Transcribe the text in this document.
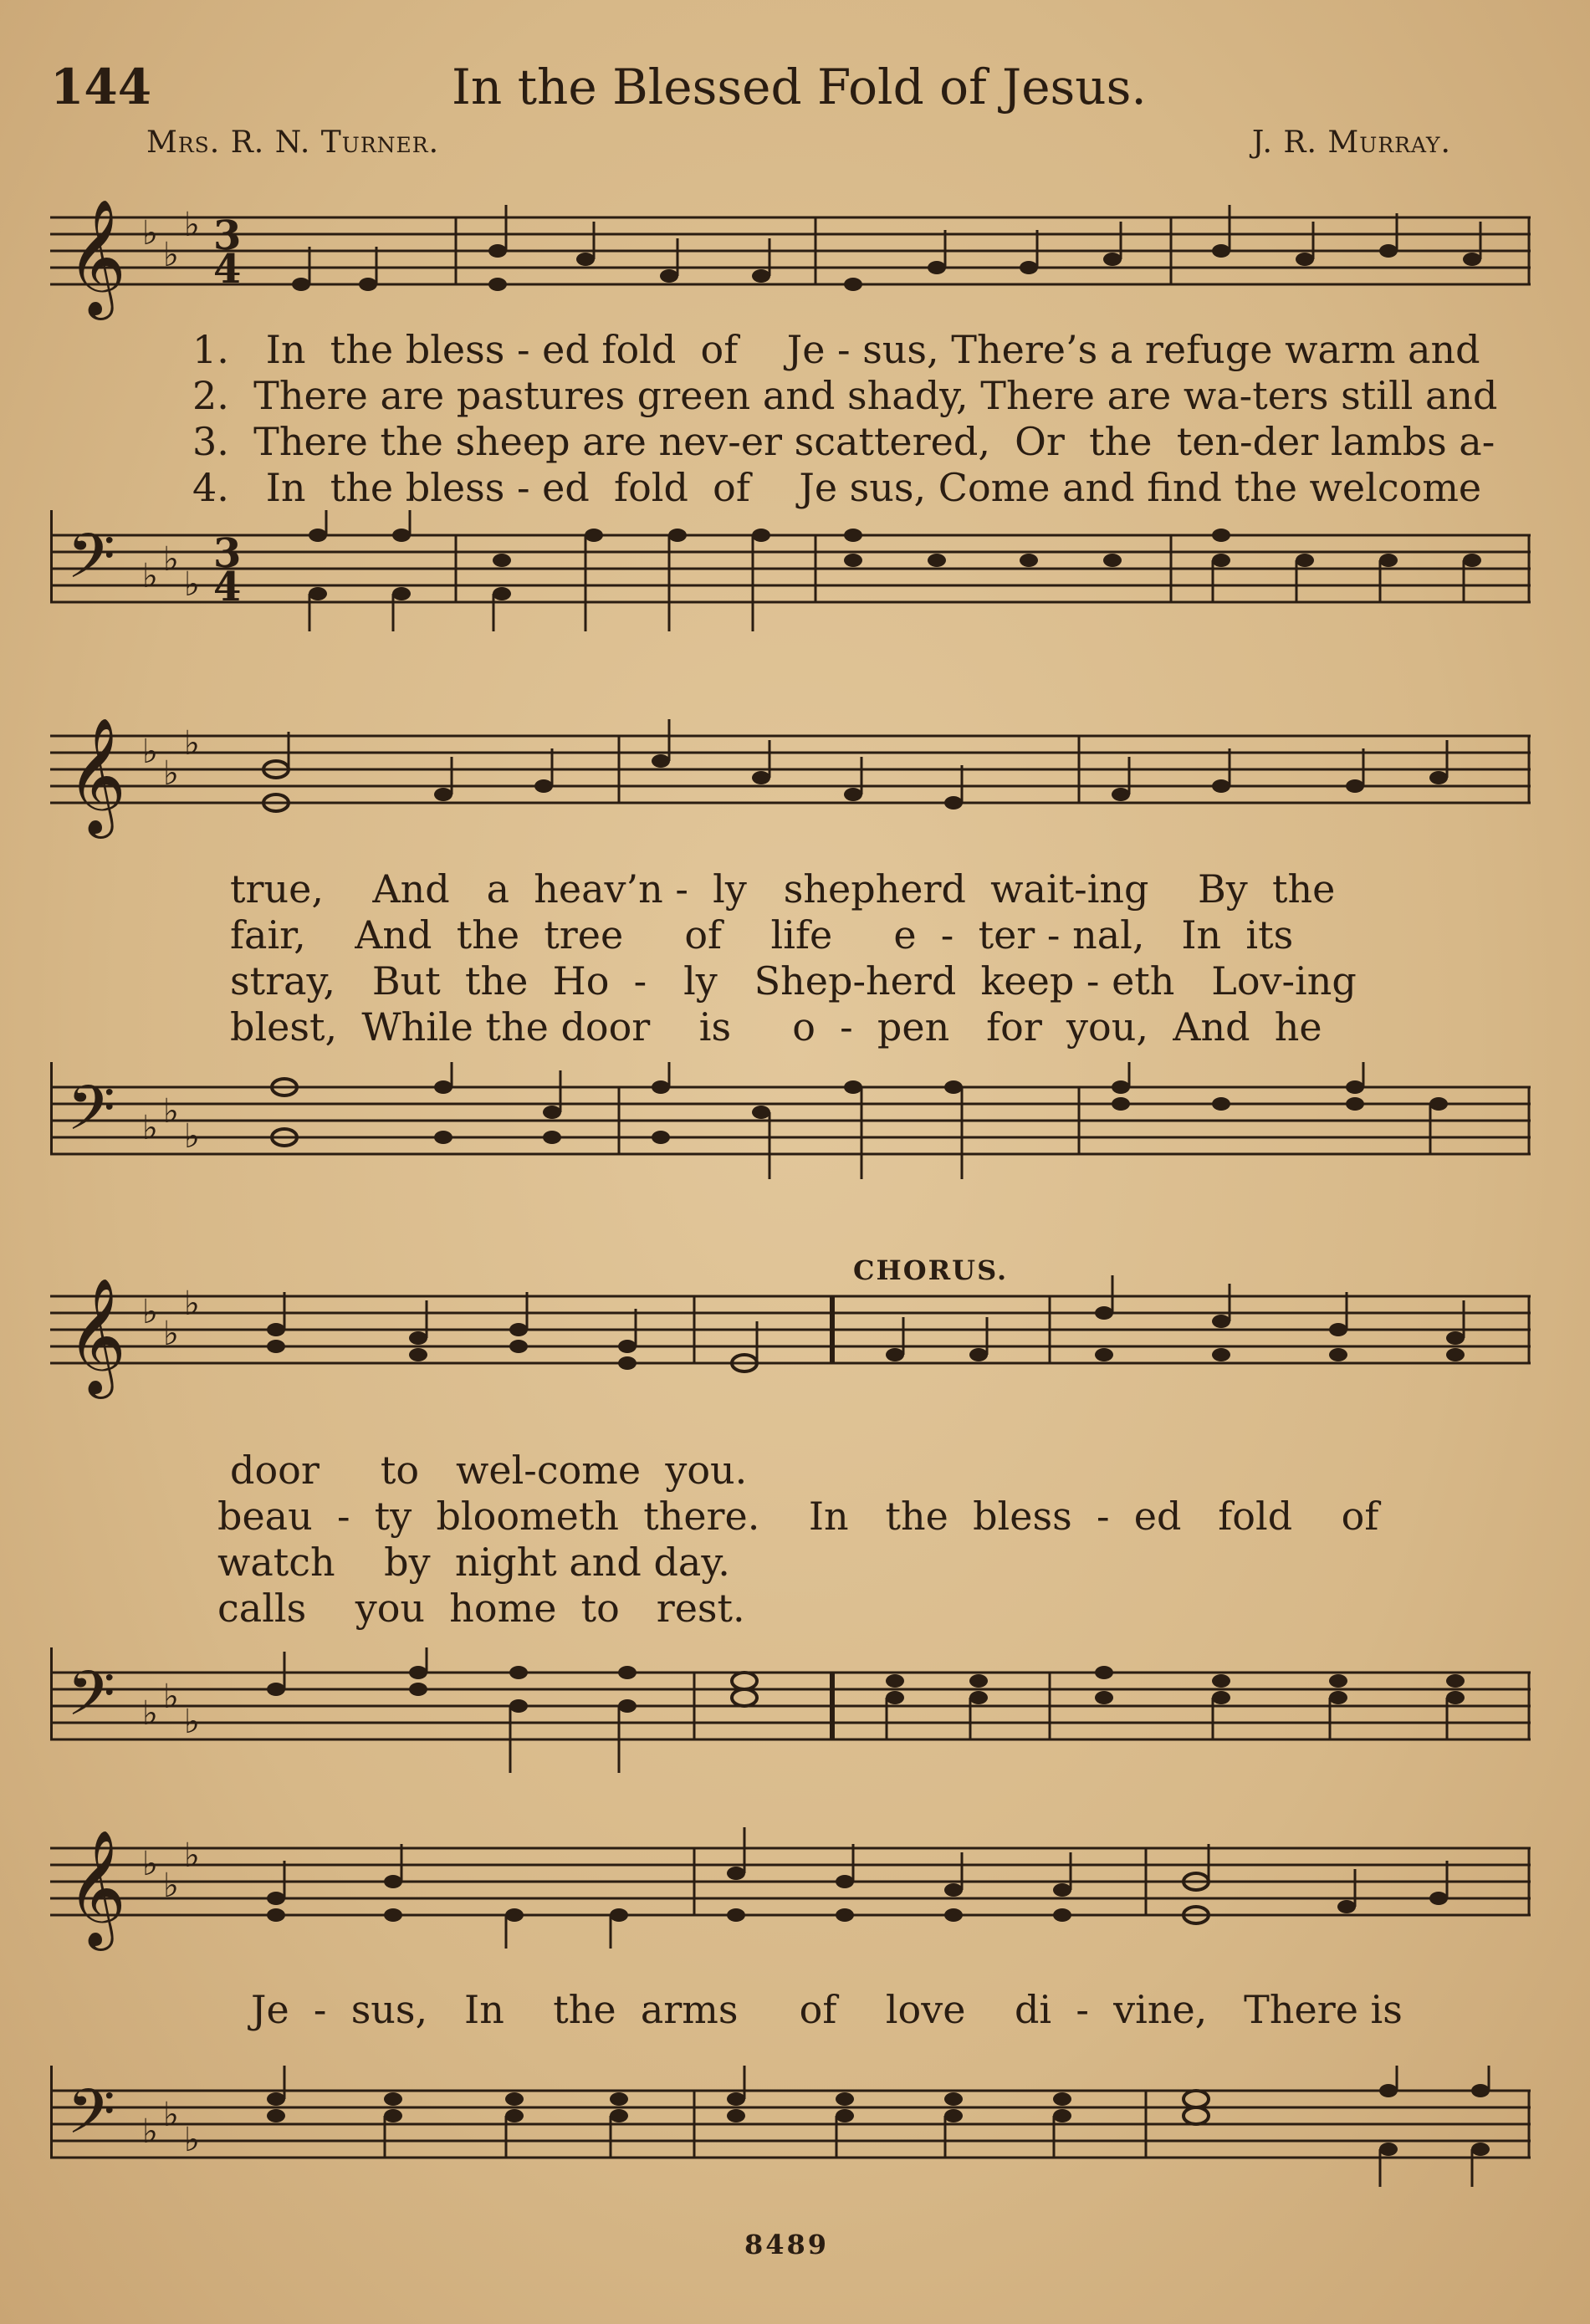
144	In the Blessed Fold of Jesus.
Mrs. R. N. Turner.	J. R. Murray.
𝄞 ♭
♭
♭ 3
4
1.   In  the bless - ed fold  of    Je - sus, There’s a refuge warm and
2.  There are pastures green and shady, There are wa-ters still and
3.  There the sheep are nev-er scattered,  Or  the  ten-der lambs a-
4.   In  the bless - ed  fold  of    Je sus, Come and find the welcome
𝄢 ♭ ♭
♭
3
4
𝄞 ♭
♭
♭
true,    And   a  heav’n -  ly   shepherd  wait-ing    By  the
fair,    And  the  tree     of    life     e  -  ter - nal,   In  its
stray,   But  the  Ho  -   ly   Shep-herd  keep - eth   Lov-ing
blest,  While the door    is     o  -  pen   for  you,  And  he
𝄢 ♭ ♭
♭
CHORUS.
𝄞 ♭
♭
♭
door     to   wel-come  you.
beau  -  ty  bloometh  there.    In   the  bless  -  ed   fold    of
watch    by  night and day.
calls    you  home  to   rest.
𝄢 ♭ ♭
♭
𝄞 ♭
♭
♭
Je  -  sus,   In    the  arms     of    love    di  -  vine,   There is
𝄢 ♭ ♭
♭
8489
